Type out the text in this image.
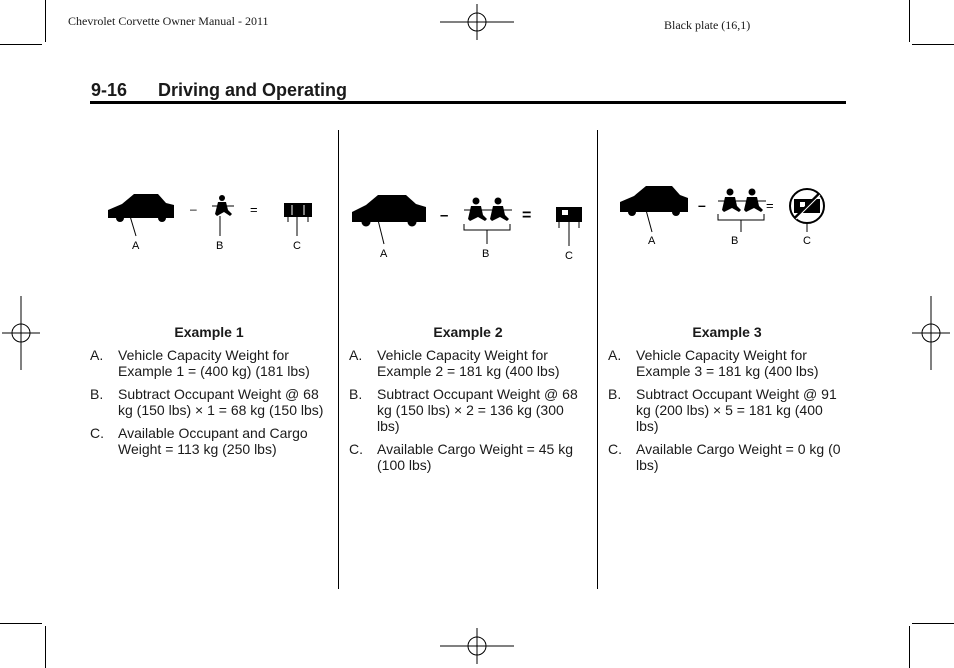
Chevrolet Corvette Owner Manual - 2011	Black plate (16,1)
9-16 Driving and Operating
–	=
A	B	C
–	=
A	B	C
–	=
A	B	C
Example 1
A. Vehicle Capacity Weight for Example 1 = (400 kg) (181 lbs)
B. Subtract Occupant Weight @ 68 kg (150 lbs) × 1 = 68 kg (150 lbs)
C. Available Occupant and Cargo Weight = 113 kg (250 lbs)
Example 2
A. Vehicle Capacity Weight for Example 2 = 181 kg (400 lbs)
B. Subtract Occupant Weight @ 68 kg (150 lbs) × 2 = 136 kg (300 lbs)
C. Available Cargo Weight = 45 kg (100 lbs)
Example 3
A. Vehicle Capacity Weight for Example 3 = 181 kg (400 lbs)
B. Subtract Occupant Weight @ 91 kg (200 lbs) × 5 = 181 kg (400 lbs)
C. Available Cargo Weight = 0 kg (0 lbs)
